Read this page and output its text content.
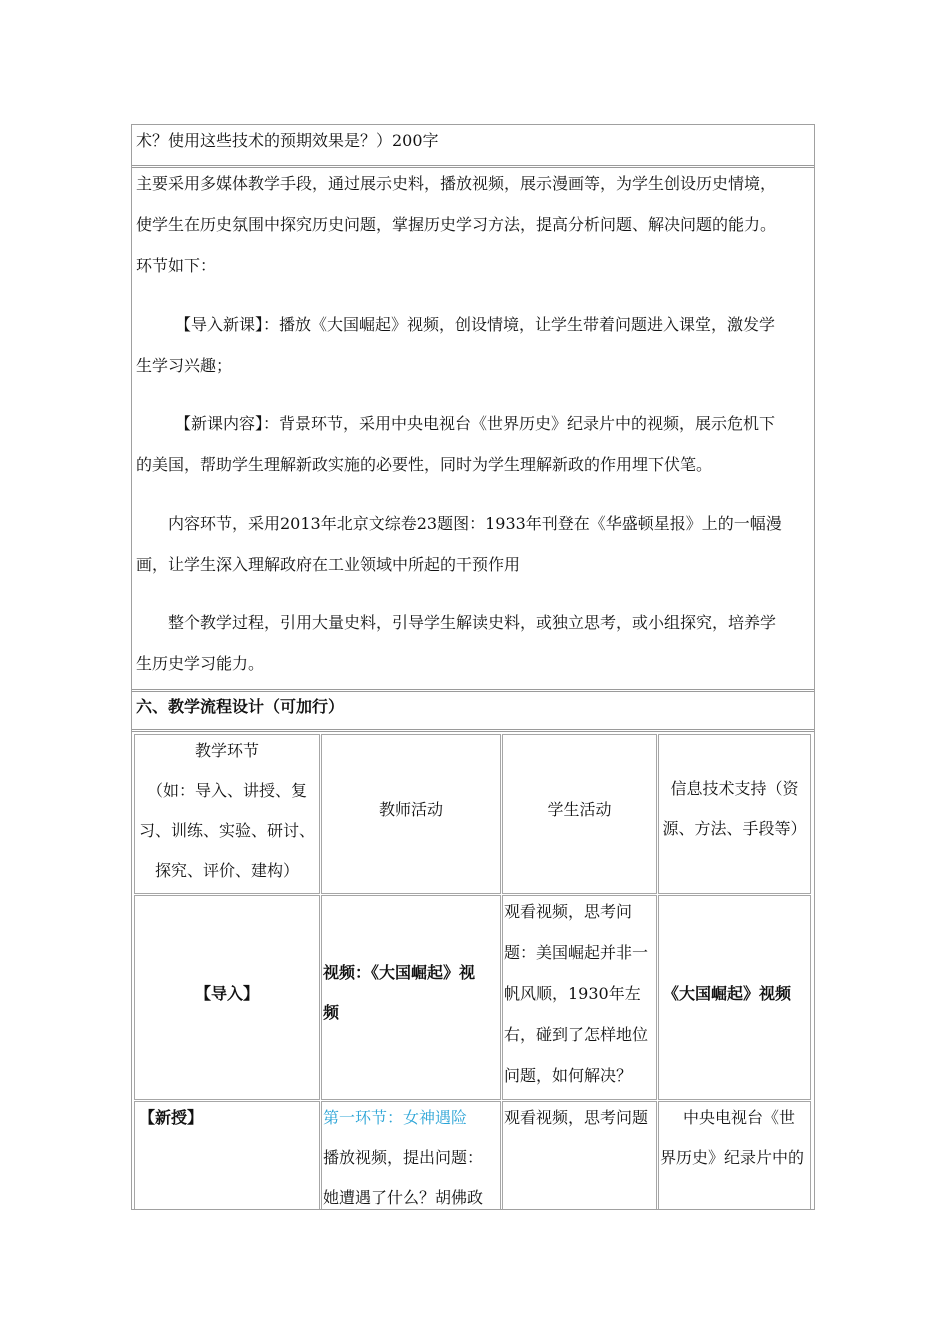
术？使用这些技术的预期效果是？）200字
主要采用多媒体教学手段，通过展示史料，播放视频，展示漫画等，为学生创设历史情境，
使学生在历史氛围中探究历史问题，掌握历史学习方法，提高分析问题、解决问题的能力。
环节如下：
【导入新课】：播放《大国崛起》视频，创设情境，让学生带着问题进入课堂，激发学
生学习兴趣；
【新课内容】：背景环节，采用中央电视台《世界历史》纪录片中的视频，展示危机下
的美国，帮助学生理解新政实施的必要性，同时为学生理解新政的作用埋下伏笔。
内容环节，采用2013年北京文综卷23题图：1933年刊登在《华盛顿星报》上的一幅漫
画，让学生深入理解政府在工业领域中所起的干预作用
整个教学过程，引用大量史料，引导学生解读史料，或独立思考，或小组探究，培养学
生历史学习能力。
六、教学流程设计（可加行）
教学环节
（如：导入、讲授、复
习、训练、实验、研讨、
探究、评价、建构）
教师活动	学生活动
信息技术支持（资
源、方法、手段等）
【导入】
视频：《大国崛起》视
频
观看视频，思考问
题：美国崛起并非一
帆风顺，1930年左
右，碰到了怎样地位
问题，如何解决？
《大国崛起》视频
【新授】	第一环节：女神遇险
播放视频，提出问题：
她遭遇了什么？胡佛政
观看视频，思考问题 中央电视台《世
界历史》纪录片中的
